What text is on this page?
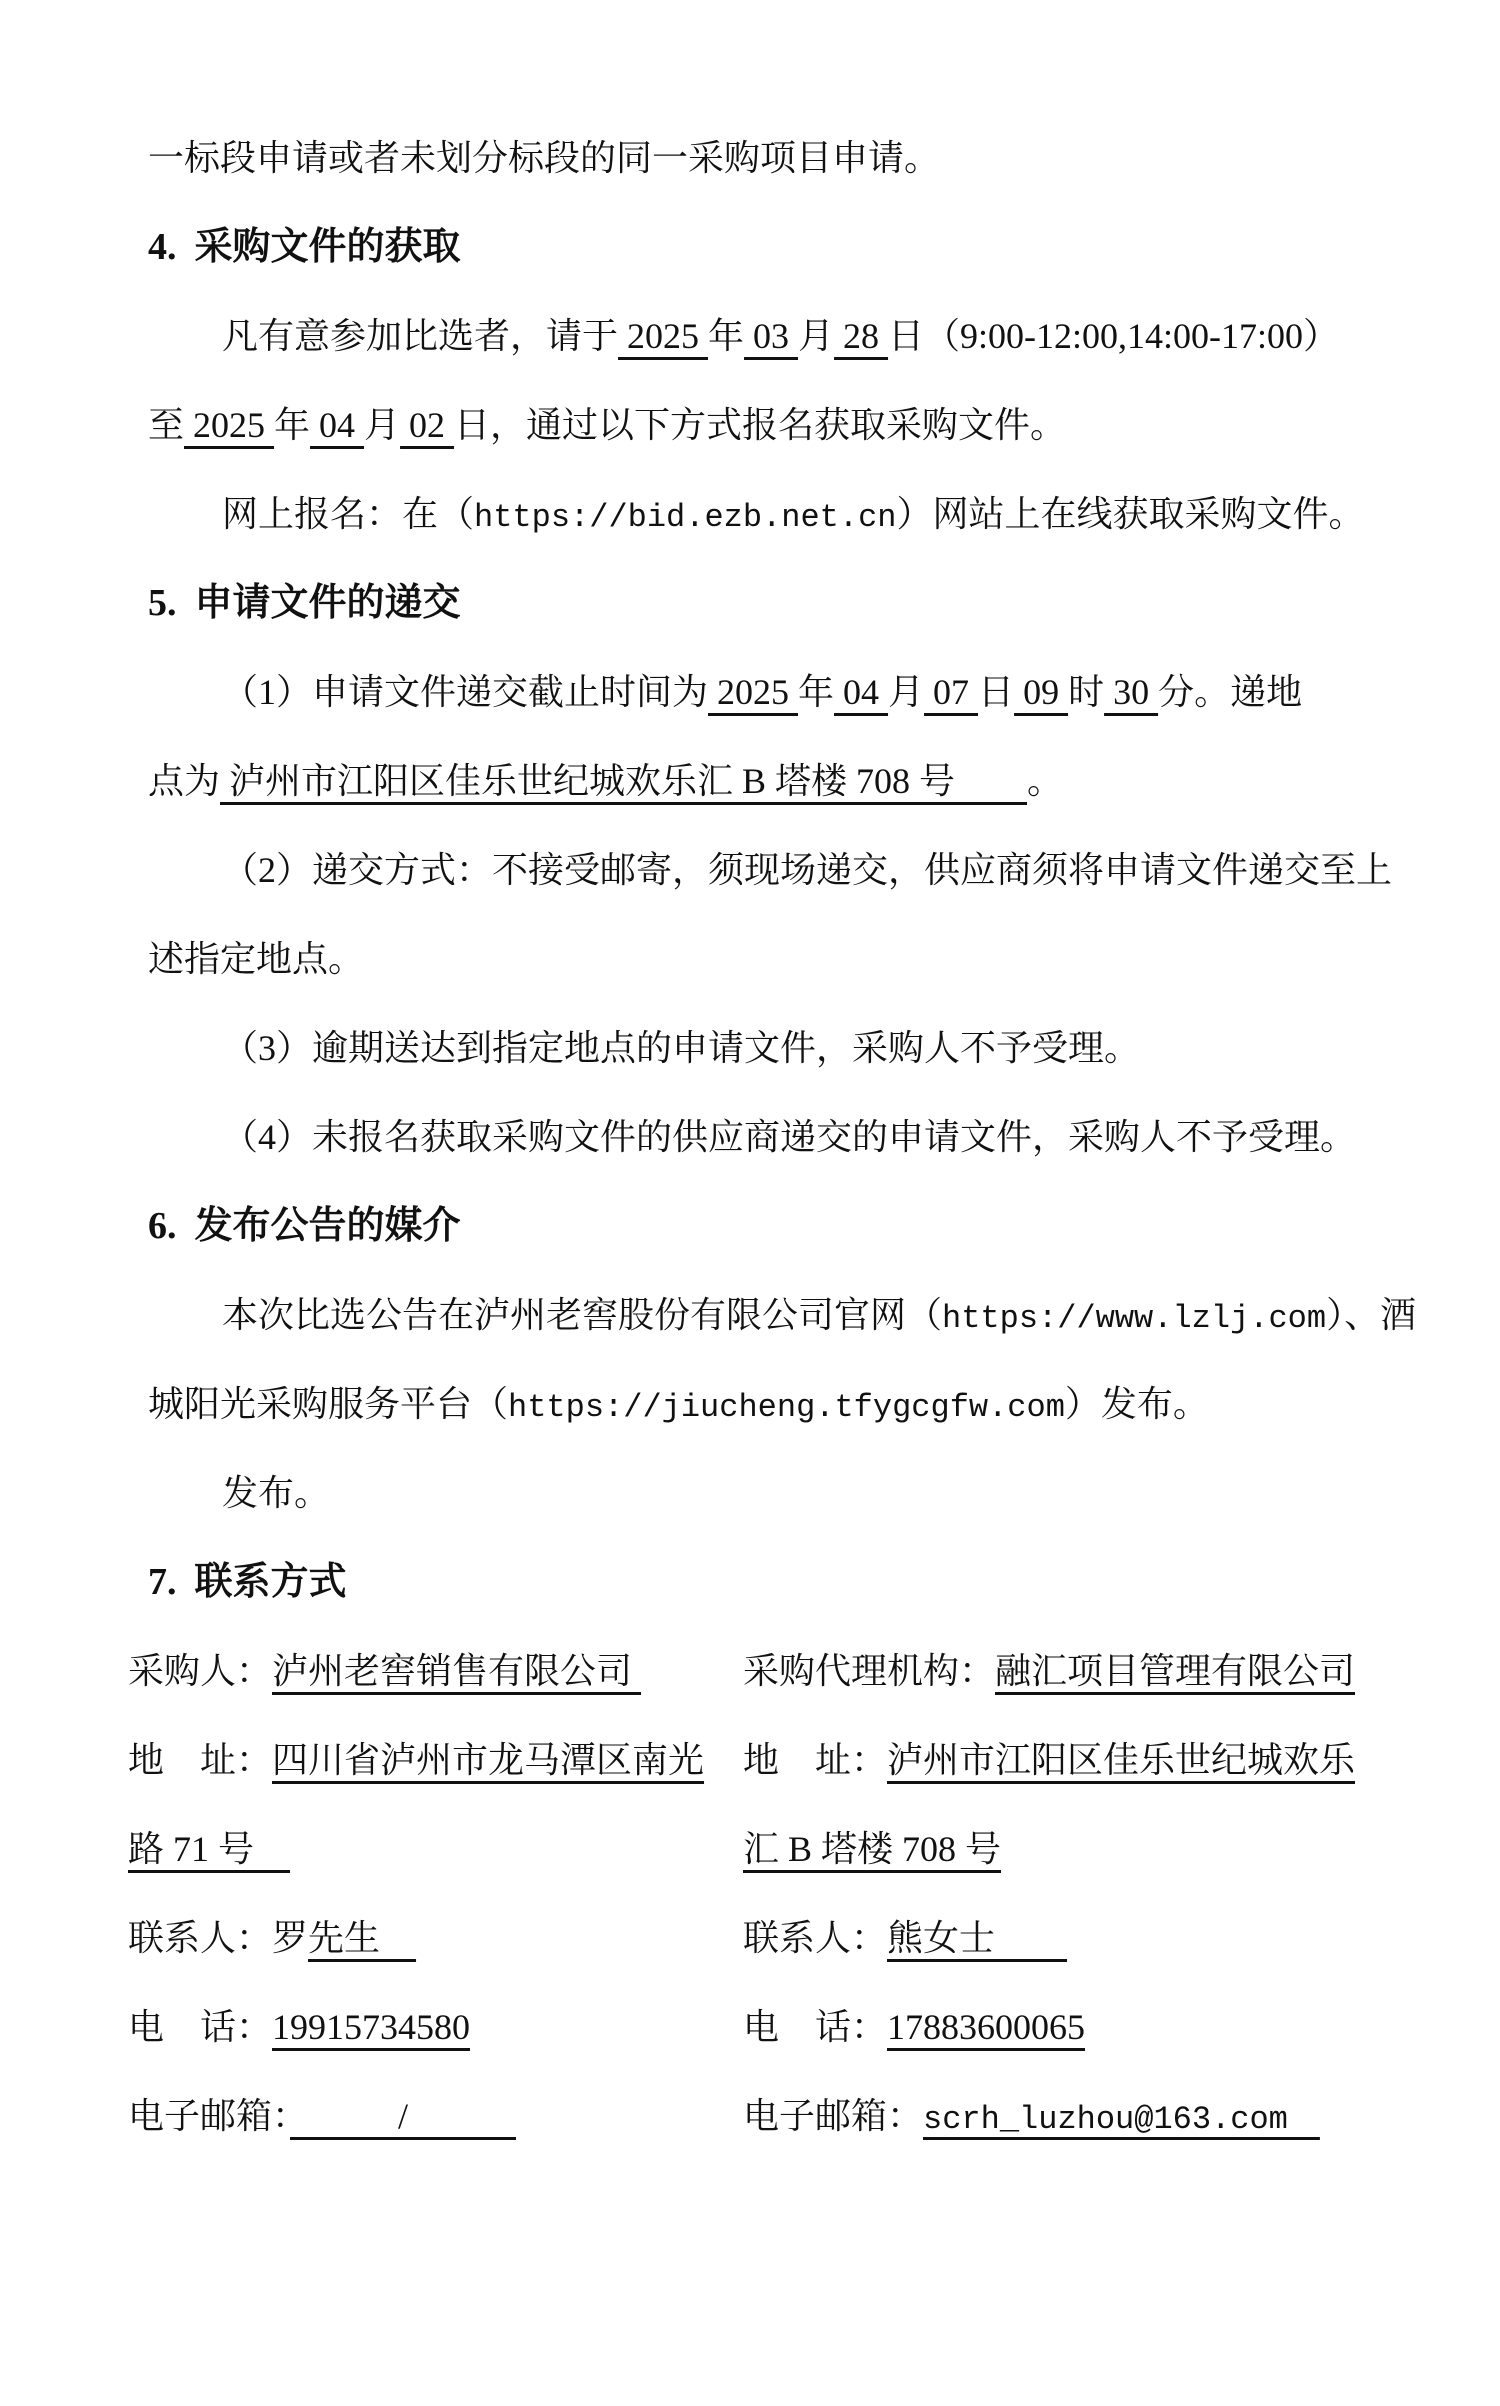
一标段申请或者未划分标段的同一采购项目申请。
4. 采购文件的获取
凡有意参加比选者，请于 2025 年 03 月 28 日（9:00-12:00,14:00-17:00）
至 2025 年 04 月 02 日，通过以下方式报名获取采购文件。
网上报名：在（https://bid.ezb.net.cn）网站上在线获取采购文件。
5. 申请文件的递交
（1）申请文件递交截止时间为 2025 年 04 月 07 日 09 时 30 分。递地
点为 泸州市江阳区佳乐世纪城欢乐汇 B 塔楼 708 号　　。
（2）递交方式：不接受邮寄，须现场递交，供应商须将申请文件递交至上
述指定地点。
（3）逾期送达到指定地点的申请文件，采购人不予受理。
（4）未报名获取采购文件的供应商递交的申请文件，采购人不予受理。
6. 发布公告的媒介
本次比选公告在泸州老窖股份有限公司官网（https://www.lzlj.com）、酒
城阳光采购服务平台（https://jiucheng.tfygcgfw.com）发布。
发布。
7. 联系方式
采购人：泸州老窖销售有限公司
地　址：四川省泸州市龙马潭区南光
路 71 号　
联系人：罗先生　
电　话：19915734580
电子邮箱：　　　/　　　
采购代理机构：融汇项目管理有限公司
地　址：泸州市江阳区佳乐世纪城欢乐
汇 B 塔楼 708 号
联系人：熊女士　　
电　话：17883600065
电子邮箱：scrh_luzhou@163.com　
